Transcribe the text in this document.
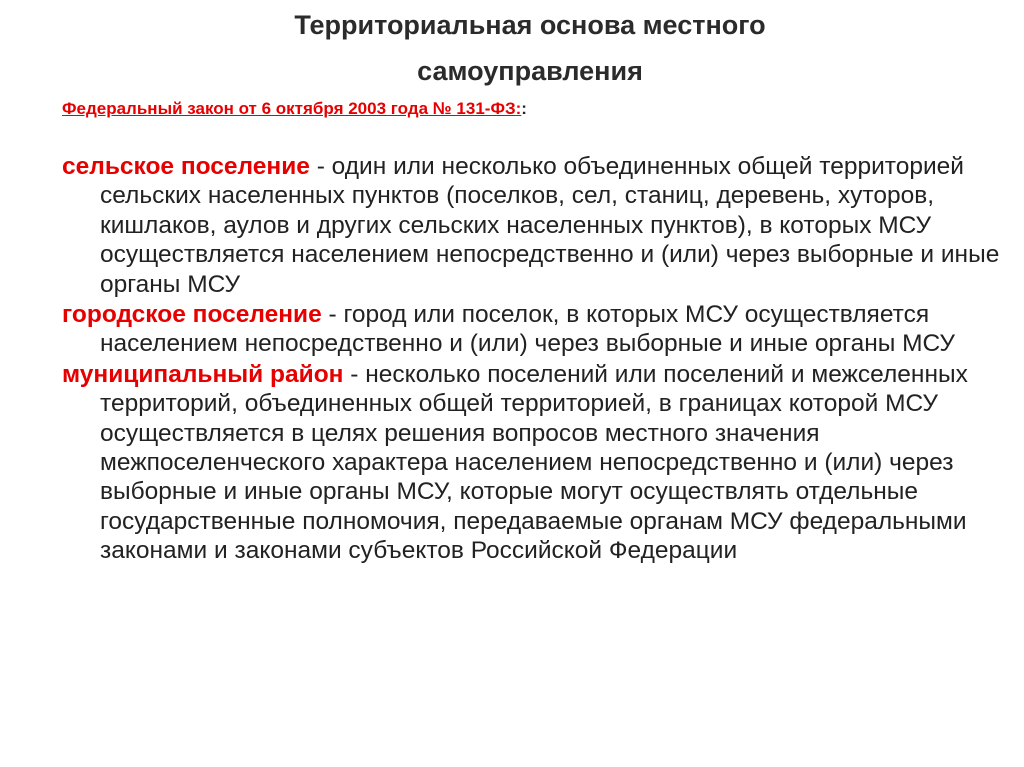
Территориальная основа местного самоуправления
Федеральный закон от 6 октября 2003 года № 131-ФЗ::

сельское поселение - один или несколько объединенных общей территорией сельских населенных пунктов (поселков, сел, станиц, деревень, хуторов, кишлаков, аулов и других сельских населенных пунктов), в которых МСУ осуществляется населением непосредственно и (или) через выборные и иные органы МСУ

городское поселение - город или поселок, в которых МСУ осуществляется населением непосредственно и (или) через выборные и иные органы МСУ

муниципальный район - несколько поселений или поселений и межселенных территорий, объединенных общей территорией, в границах которой МСУ осуществляется в целях решения вопросов местного значения межпоселенческого характера населением непосредственно и (или) через выборные и иные органы МСУ, которые могут осуществлять отдельные государственные полномочия, передаваемые органам МСУ федеральными законами и законами субъектов Российской Федерации
